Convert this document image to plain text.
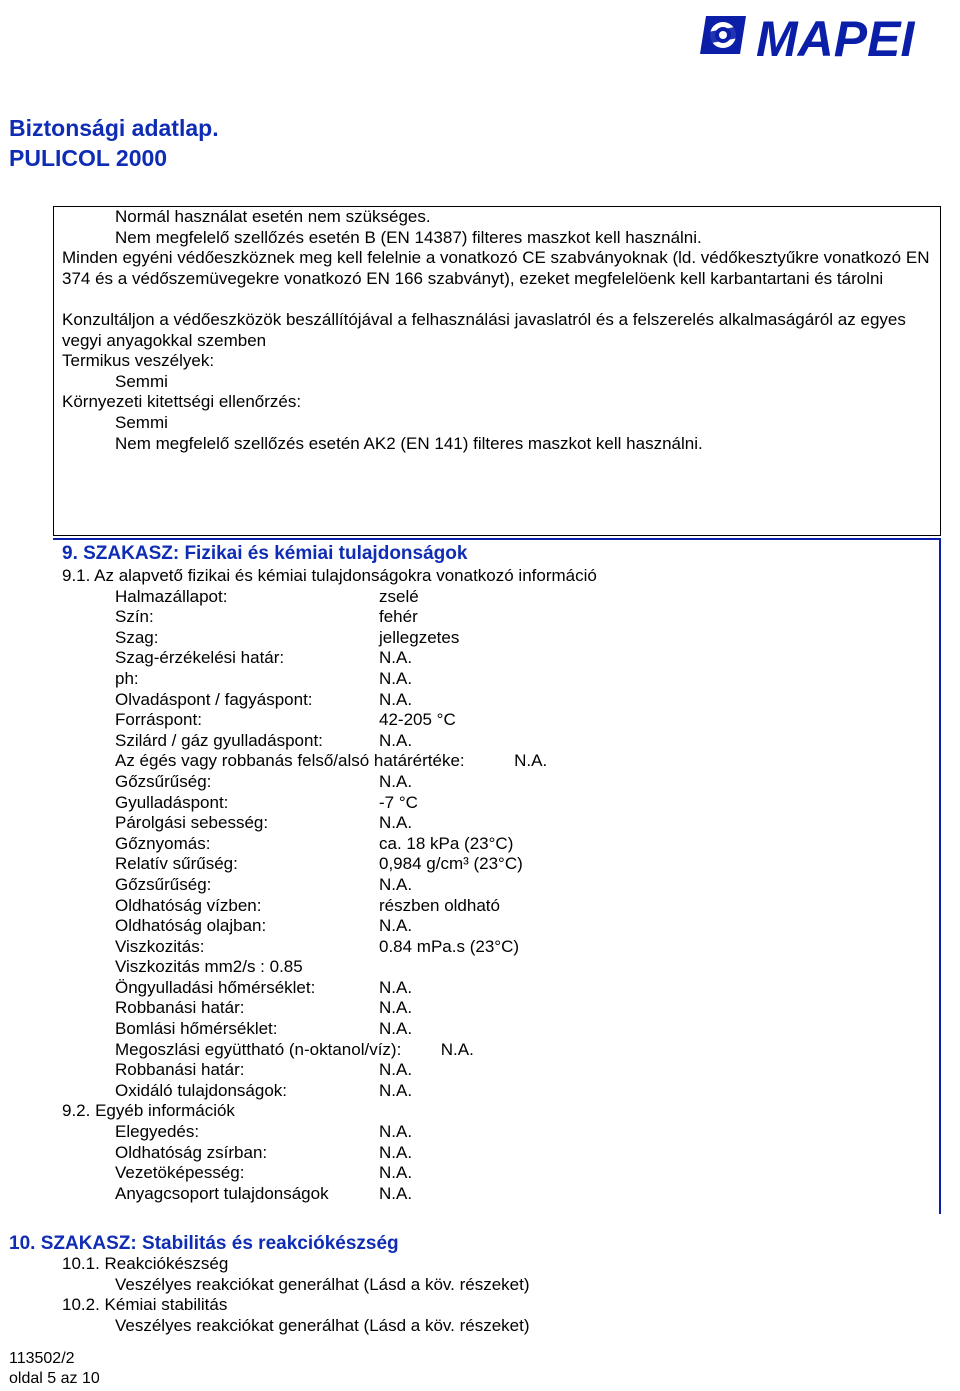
MAPEI
Biztonsági adatlap.
PULICOL 2000
Normál használat esetén nem szükséges.
Nem megfelelő szellőzés esetén B (EN 14387) filteres maszkot kell használni.
Minden egyéni védőeszköznek meg kell felelnie a vonatkozó CE szabványoknak (ld. védőkesztyűkre vonatkozó EN 374 és a védőszemüvegekre vonatkozó EN 166 szabványt), ezeket megfelelöenk kell karbantartani és tárolni
Konzultáljon a védőeszközök beszállítójával a felhasználási javaslatról és a felszerelés alkalmaságáról az egyes vegyi anyagokkal szemben
Termikus veszélyek:
Semmi
Környezeti kitettségi ellenőrzés:
Semmi
Nem megfelelő szellőzés esetén AK2 (EN 141) filteres maszkot kell használni.
9. SZAKASZ: Fizikai és kémiai tulajdonságok
9.1. Az alapvető fizikai és kémiai tulajdonságokra vonatkozó információ
Halmazállapot:	zselé
Szín:	fehér
Szag:	jellegzetes
Szag-érzékelési határ:	N.A.
ph:	N.A.
Olvadáspont / fagyáspont:	N.A.
Forráspont:	42-205 °C
Szilárd / gáz gyulladáspont:	N.A.
Az égés vagy robbanás felső/alsó határértéke:	N.A.
Gőzsűrűség:	N.A.
Gyulladáspont:	-7 °C
Párolgási sebesség:	N.A.
Gőznyomás:	ca. 18 kPa (23°C)
Relatív sűrűség:	0,984 g/cm³ (23°C)
Gőzsűrűség:	N.A.
Oldhatóság vízben:	részben oldható
Oldhatóság olajban:	N.A.
Viszkozitás:	0.84 mPa.s (23°C)
Viszkozitás mm2/s : 0.85
Öngyulladási hőmérséklet:	N.A.
Robbanási határ:	N.A.
Bomlási hőmérséklet:	N.A.
Megoszlási együttható (n-oktanol/víz): N.A.
Robbanási határ:	N.A.
Oxidáló tulajdonságok:	N.A.
9.2. Egyéb információk
Elegyedés:	N.A.
Oldhatóság zsírban:	N.A.
Vezetöképesség:	N.A.
Anyagcsoport tulajdonságok	N.A.
10. SZAKASZ: Stabilitás és reakciókészség
10.1. Reakciókészség
Veszélyes reakciókat generálhat (Lásd a köv. részeket)
10.2. Kémiai stabilitás
Veszélyes reakciókat generálhat (Lásd a köv. részeket)
113502/2
oldal 5 az 10
